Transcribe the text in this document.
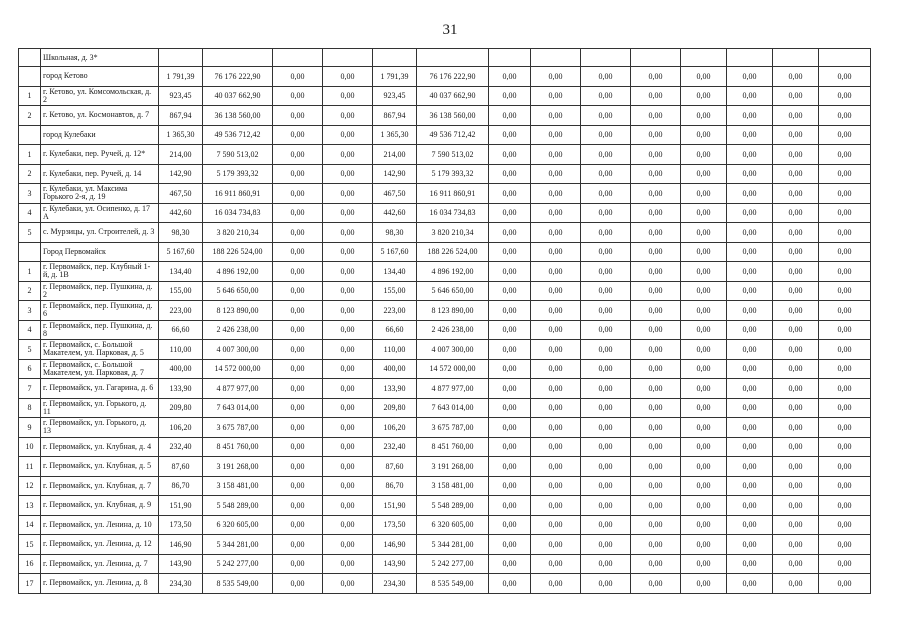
31
	Школьная, д. 3*														
	город Кетово	1 791,39	76 176 222,90	0,00	0,00	1 791,39	76 176 222,90	0,00	0,00	0,00	0,00	0,00	0,00	0,00	0,00
1	г. Кетово, ул. Комсомольская, д. 2	923,45	40 037 662,90	0,00	0,00	923,45	40 037 662,90	0,00	0,00	0,00	0,00	0,00	0,00	0,00	0,00
2	г. Кетово, ул. Космонавтов, д. 7	867,94	36 138 560,00	0,00	0,00	867,94	36 138 560,00	0,00	0,00	0,00	0,00	0,00	0,00	0,00	0,00
	город Кулебаки	1 365,30	49 536 712,42	0,00	0,00	1 365,30	49 536 712,42	0,00	0,00	0,00	0,00	0,00	0,00	0,00	0,00
1	г. Кулебаки, пер. Ручей, д. 12*	214,00	7 590 513,02	0,00	0,00	214,00	7 590 513,02	0,00	0,00	0,00	0,00	0,00	0,00	0,00	0,00
2	г. Кулебаки, пер. Ручей, д. 14	142,90	5 179 393,32	0,00	0,00	142,90	5 179 393,32	0,00	0,00	0,00	0,00	0,00	0,00	0,00	0,00
3	г. Кулебаки, ул. Максима Горького 2-я, д. 19	467,50	16 911 860,91	0,00	0,00	467,50	16 911 860,91	0,00	0,00	0,00	0,00	0,00	0,00	0,00	0,00
4	г. Кулебаки, ул. Осипенко, д. 17 А	442,60	16 034 734,83	0,00	0,00	442,60	16 034 734,83	0,00	0,00	0,00	0,00	0,00	0,00	0,00	0,00
5	с. Мурзицы, ул. Строителей, д. 3	98,30	3 820 210,34	0,00	0,00	98,30	3 820 210,34	0,00	0,00	0,00	0,00	0,00	0,00	0,00	0,00
	Город Первомайск	5 167,60	188 226 524,00	0,00	0,00	5 167,60	188 226 524,00	0,00	0,00	0,00	0,00	0,00	0,00	0,00	0,00
1	г. Первомайск, пер. Клубный 1-й, д. 1В	134,40	4 896 192,00	0,00	0,00	134,40	4 896 192,00	0,00	0,00	0,00	0,00	0,00	0,00	0,00	0,00
2	г. Первомайск, пер. Пушкина, д. 2	155,00	5 646 650,00	0,00	0,00	155,00	5 646 650,00	0,00	0,00	0,00	0,00	0,00	0,00	0,00	0,00
3	г. Первомайск, пер. Пушкина, д. 6	223,00	8 123 890,00	0,00	0,00	223,00	8 123 890,00	0,00	0,00	0,00	0,00	0,00	0,00	0,00	0,00
4	г. Первомайск, пер. Пушкина, д. 8	66,60	2 426 238,00	0,00	0,00	66,60	2 426 238,00	0,00	0,00	0,00	0,00	0,00	0,00	0,00	0,00
5	г. Первомайск, с. Большой Макателем, ул. Парковая, д. 5	110,00	4 007 300,00	0,00	0,00	110,00	4 007 300,00	0,00	0,00	0,00	0,00	0,00	0,00	0,00	0,00
6	г. Первомайск, с. Большой Макателем, ул. Парковая, д. 7	400,00	14 572 000,00	0,00	0,00	400,00	14 572 000,00	0,00	0,00	0,00	0,00	0,00	0,00	0,00	0,00
7	г. Первомайск, ул. Гагарина, д. 6	133,90	4 877 977,00	0,00	0,00	133,90	4 877 977,00	0,00	0,00	0,00	0,00	0,00	0,00	0,00	0,00
8	г. Первомайск, ул. Горького, д. 11	209,80	7 643 014,00	0,00	0,00	209,80	7 643 014,00	0,00	0,00	0,00	0,00	0,00	0,00	0,00	0,00
9	г. Первомайск, ул. Горького, д. 13	106,20	3 675 787,00	0,00	0,00	106,20	3 675 787,00	0,00	0,00	0,00	0,00	0,00	0,00	0,00	0,00
10	г. Первомайск, ул. Клубная, д. 4	232,40	8 451 760,00	0,00	0,00	232,40	8 451 760,00	0,00	0,00	0,00	0,00	0,00	0,00	0,00	0,00
11	г. Первомайск, ул. Клубная, д. 5	87,60	3 191 268,00	0,00	0,00	87,60	3 191 268,00	0,00	0,00	0,00	0,00	0,00	0,00	0,00	0,00
12	г. Первомайск, ул. Клубная, д. 7	86,70	3 158 481,00	0,00	0,00	86,70	3 158 481,00	0,00	0,00	0,00	0,00	0,00	0,00	0,00	0,00
13	г. Первомайск, ул. Клубная, д. 9	151,90	5 548 289,00	0,00	0,00	151,90	5 548 289,00	0,00	0,00	0,00	0,00	0,00	0,00	0,00	0,00
14	г. Первомайск, ул. Ленина, д. 10	173,50	6 320 605,00	0,00	0,00	173,50	6 320 605,00	0,00	0,00	0,00	0,00	0,00	0,00	0,00	0,00
15	г. Первомайск, ул. Ленина, д. 12	146,90	5 344 281,00	0,00	0,00	146,90	5 344 281,00	0,00	0,00	0,00	0,00	0,00	0,00	0,00	0,00
16	г. Первомайск, ул. Ленина, д. 7	143,90	5 242 277,00	0,00	0,00	143,90	5 242 277,00	0,00	0,00	0,00	0,00	0,00	0,00	0,00	0,00
17	г. Первомайск, ул. Ленина, д. 8	234,30	8 535 549,00	0,00	0,00	234,30	8 535 549,00	0,00	0,00	0,00	0,00	0,00	0,00	0,00	0,00
